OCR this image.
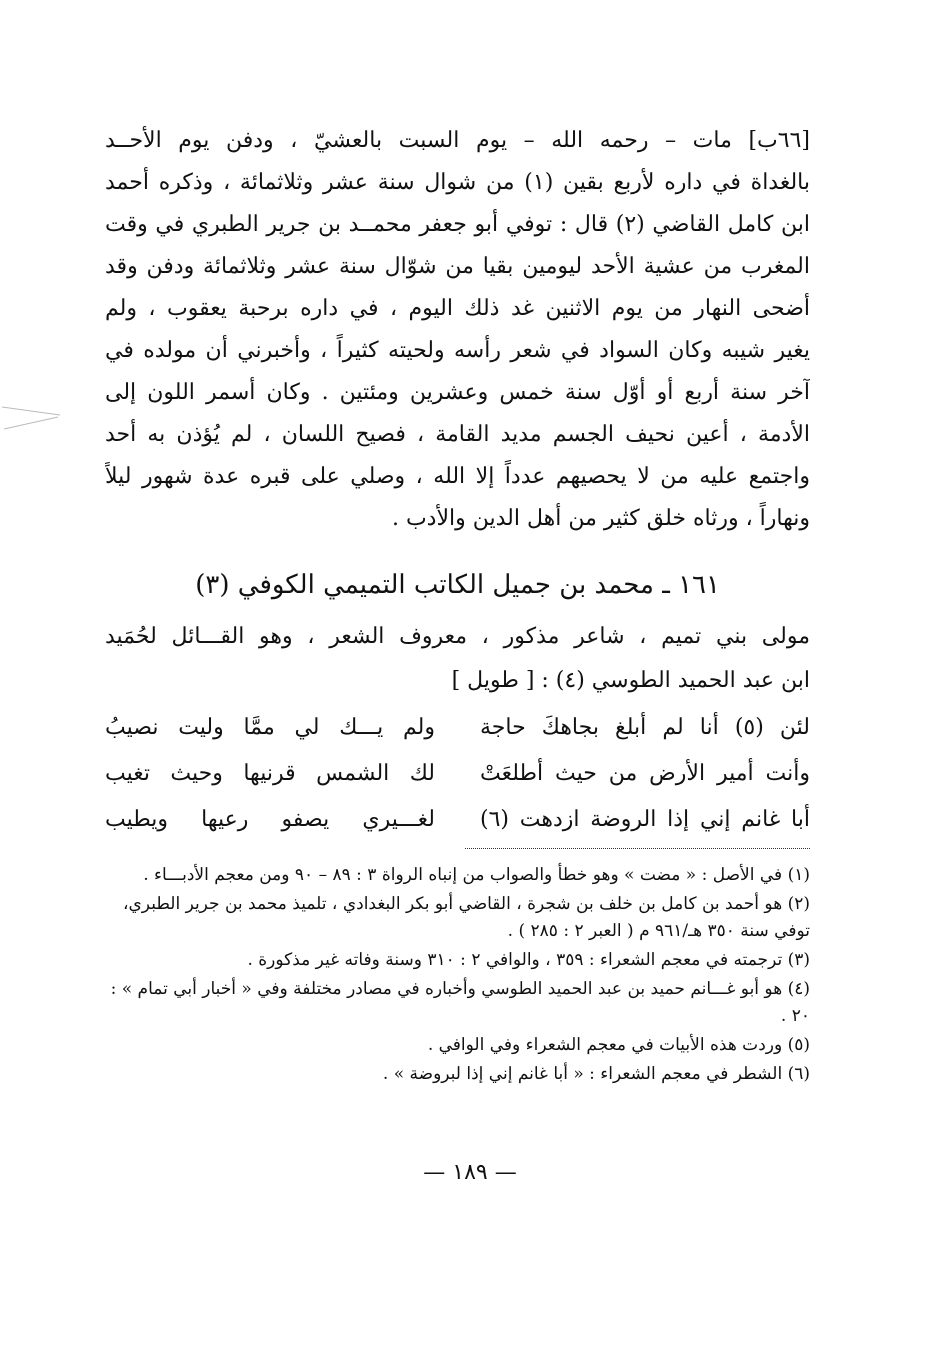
[٦٦ب] مات – رحمه الله – يوم السبت بالعشيّ ، ودفن يوم الأحــد
بالغداة في داره لأربع بقين (١) من شوال سنة عشر وثلاثمائة ، وذكره أحمد
ابن كامل القاضي (٢) قال : توفي أبو جعفر محمــد بن جرير الطبري في وقت
المغرب من عشية الأحد ليومين بقيا من شوّال سنة عشر وثلاثمائة ودفن وقد
أضحى النهار من يوم الاثنين غد ذلك اليوم ، في داره برحبة يعقوب ، ولم
يغير شيبه وكان السواد في شعر رأسه ولحيته كثيراً ، وأخبرني أن مولده في
آخر سنة أربع أو أوّل سنة خمس وعشرين ومئتين . وكان أسمر اللون إلى
الأدمة ، أعين نحيف الجسم مديد القامة ، فصيح اللسان ، لم يُؤذن به أحد
واجتمع عليه من لا يحصيهم عدداً إلا الله ، وصلي على قبره عدة شهور ليلاً
ونهاراً ، ورثاه خلق كثير من أهل الدين والأدب .
١٦١ ـ محمد بن جميل الكاتب التميمي الكوفي (٣)
مولى بني تميم ، شاعر مذكور ، معروف الشعر ، وهو القـــائل لحُمَيد
ابن عبد الحميد الطوسي (٤) : [ طويل ]
لئن (٥) أنا لم أبلغ بجاهكَ حاجة
ولم يـــك لي ممَّا وليت نصيبُ
وأنت أمير الأرض من حيث أطلعَتْ
لك الشمس قرنيها وحيث تغيب
أبا غانم إني إذا الروضة ازدهت (٦)
لغـــيري يصفو رعيها ويطيب
(١) في الأصل : « مضت » وهو خطأ والصواب من إنباه الرواة ٣ : ٨٩ – ٩٠ ومن معجم الأدبـــاء .
(٢) هو أحمد بن كامل بن خلف بن شجرة ، القاضي أبو بكر البغدادي ، تلميذ محمد بن جرير الطبري، توفي سنة ٣٥٠ هـ/٩٦١ م ( العبر ٢ : ٢٨٥ ) .
(٣) ترجمته في معجم الشعراء : ٣٥٩ ، والوافي ٢ : ٣١٠ وسنة وفاته غير مذكورة .
(٤) هو أبو غـــانم حميد بن عبد الحميد الطوسي وأخباره في مصادر مختلفة وفي « أخبار أبي تمام » : ٢٠ .
(٥) وردت هذه الأبيات في معجم الشعراء وفي الوافي .
(٦) الشطر في معجم الشعراء : « أبا غانم إني إذا لبروضة » .
— ١٨٩ —
